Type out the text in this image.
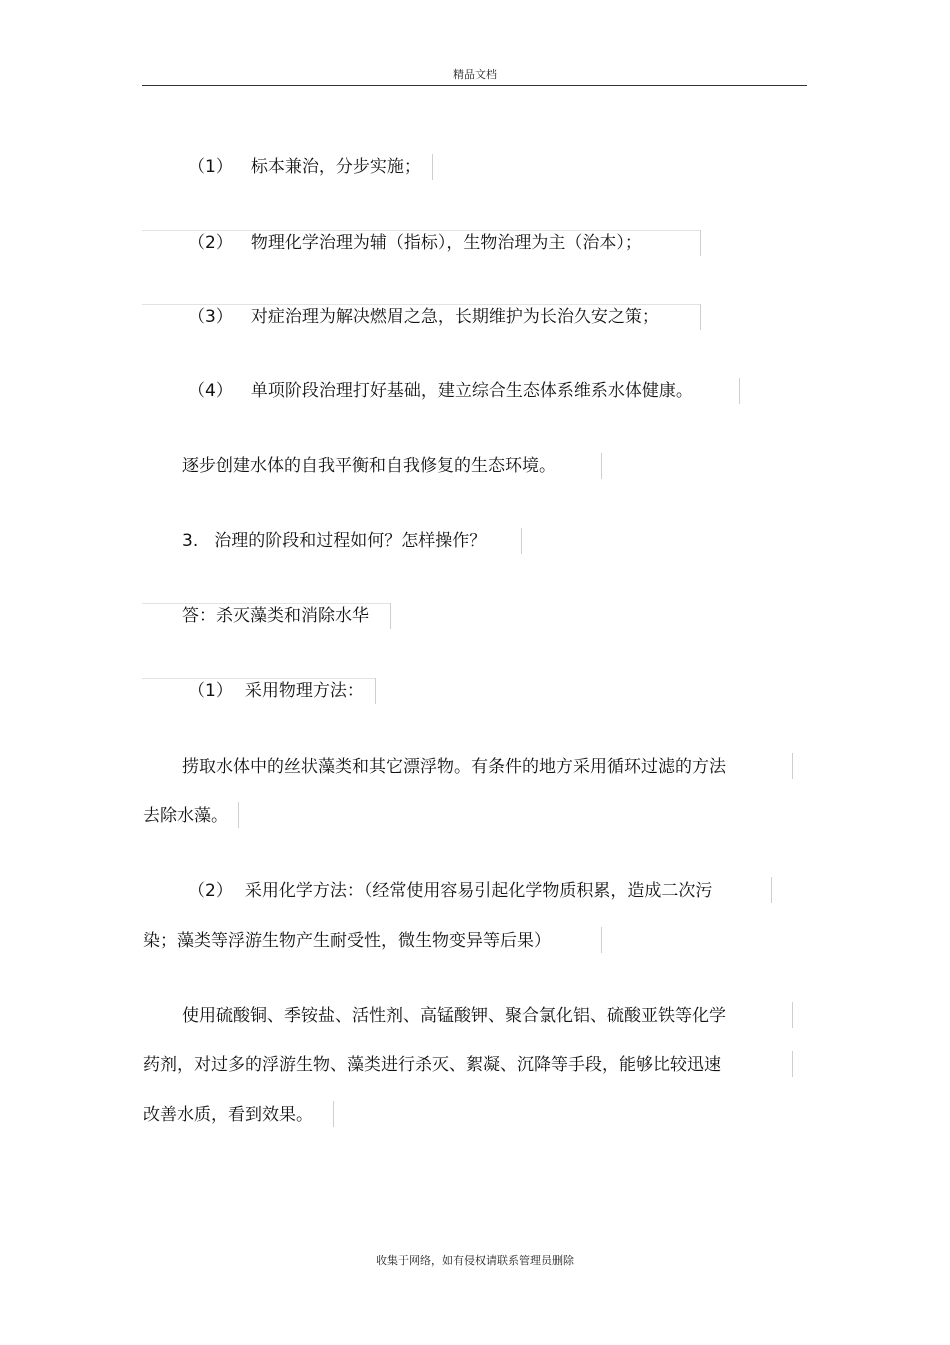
精品文档
（1） 标本兼治，分步实施；
（2） 物理化学治理为辅（指标），生物治理为主（治本）；
（3） 对症治理为解决燃眉之急，长期维护为长治久安之策；
（4） 单项阶段治理打好基础，建立综合生态体系维系水体健康。
逐步创建水体的自我平衡和自我修复的生态环境。
3. 治理的阶段和过程如何？怎样操作？
答：杀灭藻类和消除水华
（1） 采用物理方法：
捞取水体中的丝状藻类和其它漂浮物。有条件的地方采用循环过滤的方法
去除水藻。
（2） 采用化学方法：（经常使用容易引起化学物质积累，造成二次污
染；藻类等浮游生物产生耐受性，微生物变异等后果）
使用硫酸铜、季铵盐、活性剂、高锰酸钾、聚合氯化铝、硫酸亚铁等化学
药剂，对过多的浮游生物、藻类进行杀灭、絮凝、沉降等手段，能够比较迅速
改善水质，看到效果。
收集于网络，如有侵权请联系管理员删除
